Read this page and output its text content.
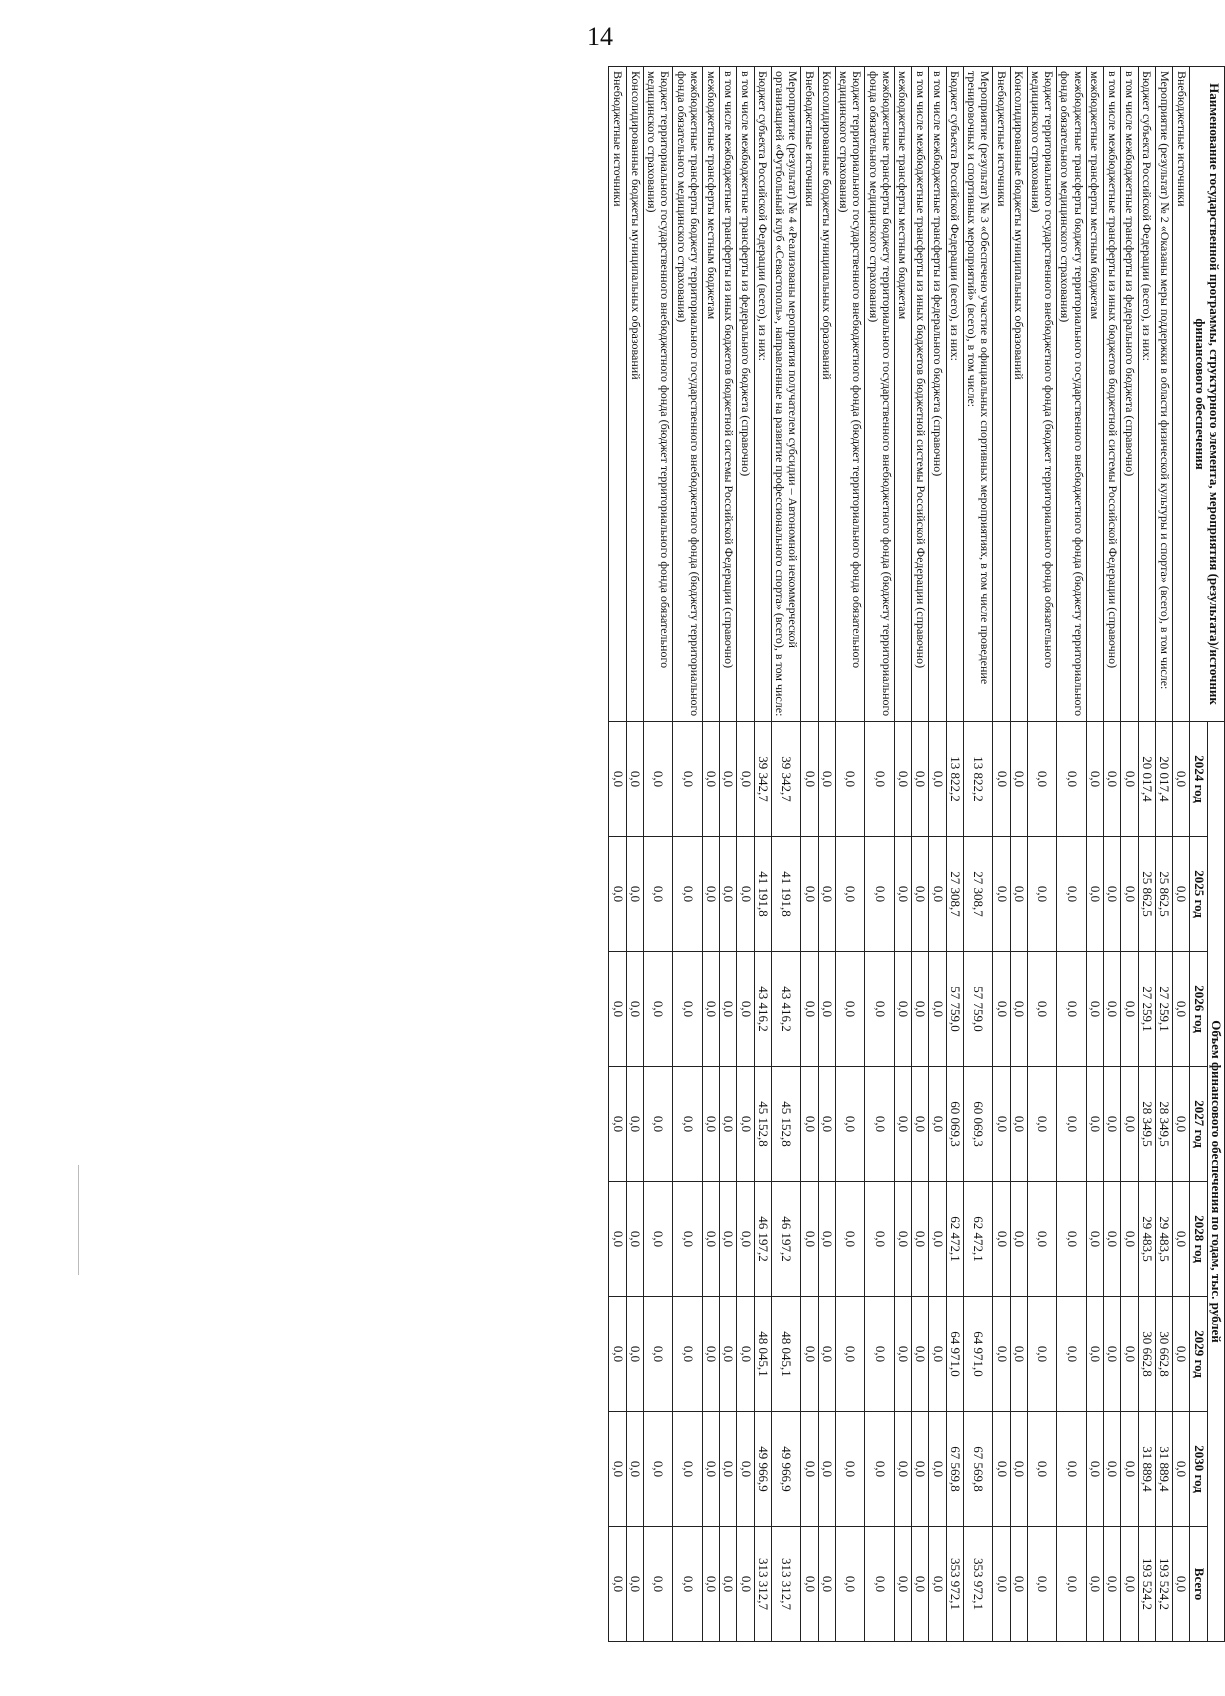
14
Наименование государственной программы, структурного элемента, мероприятия (результата)/источник финансового обеспечения	Объем финансового обеспечения по годам, тыс. рублей							
	2024 год	2025 год	2026 год	2027 год	2028 год	2029 год	2030 год	Всего
Внебюджетные источники	0,0	0,0	0,0	0,0	0,0	0,0	0,0	0,0
Мероприятие (результат) № 2 «Оказаны меры поддержки в области физической культуры и спорта» (всего), в том числе:	20 017,4	25 862,5	27 259,1	28 349,5	29 483,5	30 662,8	31 889,4	193 524,2
Бюджет субъекта Российской Федерации (всего), из них:	20 017,4	25 862,5	27 259,1	28 349,5	29 483,5	30 662,8	31 889,4	193 524,2
в том числе межбюджетные трансферты из федерального бюджета (справочно)	0,0	0,0	0,0	0,0	0,0	0,0	0,0	0,0
в том числе межбюджетные трансферты из иных бюджетов бюджетной системы Российской Федерации (справочно)	0,0	0,0	0,0	0,0	0,0	0,0	0,0	0,0
межбюджетные трансферты местным бюджетам	0,0	0,0	0,0	0,0	0,0	0,0	0,0	0,0
межбюджетные трансферты бюджету территориального государственного внебюджетного фонда (бюджету территориального фонда обязательного медицинского страхования)	0,0	0,0	0,0	0,0	0,0	0,0	0,0	0,0
Бюджет территориального государственного внебюджетного фонда (бюджет территориального фонда обязательного медицинского страхования)	0,0	0,0	0,0	0,0	0,0	0,0	0,0	0,0
Консолидированные бюджеты муниципальных образований	0,0	0,0	0,0	0,0	0,0	0,0	0,0	0,0
Внебюджетные источники	0,0	0,0	0,0	0,0	0,0	0,0	0,0	0,0
Мероприятие (результат) № 3 «Обеспечено участие в официальных спортивных мероприятиях, в том числе проведение тренировочных и спортивных мероприятий» (всего), в том числе:	13 822,2	27 308,7	57 759,0	60 069,3	62 472,1	64 971,0	67 569,8	353 972,1
Бюджет субъекта Российской Федерации (всего), из них:	13 822,2	27 308,7	57 759,0	60 069,3	62 472,1	64 971,0	67 569,8	353 972,1
в том числе межбюджетные трансферты из федерального бюджета (справочно)	0,0	0,0	0,0	0,0	0,0	0,0	0,0	0,0
в том числе межбюджетные трансферты из иных бюджетов бюджетной системы Российской Федерации (справочно)	0,0	0,0	0,0	0,0	0,0	0,0	0,0	0,0
межбюджетные трансферты местным бюджетам	0,0	0,0	0,0	0,0	0,0	0,0	0,0	0,0
межбюджетные трансферты бюджету территориального государственного внебюджетного фонда (бюджету территориального фонда обязательного медицинского страхования)	0,0	0,0	0,0	0,0	0,0	0,0	0,0	0,0
Бюджет территориального государственного внебюджетного фонда (бюджет территориального фонда обязательного медицинского страхования)	0,0	0,0	0,0	0,0	0,0	0,0	0,0	0,0
Консолидированные бюджеты муниципальных образований	0,0	0,0	0,0	0,0	0,0	0,0	0,0	0,0
Внебюджетные источники	0,0	0,0	0,0	0,0	0,0	0,0	0,0	0,0
Мероприятие (результат) № 4 «Реализованы мероприятия получателем субсидии – Автономной некоммерческой организацией «Футбольный клуб «Севастополь», направленные на развитие профессионального спорта» (всего), в том числе:	39 342,7	41 191,8	43 416,2	45 152,8	46 197,2	48 045,1	49 966,9	313 312,7
Бюджет субъекта Российской Федерации (всего), из них:	39 342,7	41 191,8	43 416,2	45 152,8	46 197,2	48 045,1	49 966,9	313 312,7
в том числе межбюджетные трансферты из федерального бюджета (справочно)	0,0	0,0	0,0	0,0	0,0	0,0	0,0	0,0
в том числе межбюджетные трансферты из иных бюджетов бюджетной системы Российской Федерации (справочно)	0,0	0,0	0,0	0,0	0,0	0,0	0,0	0,0
межбюджетные трансферты местным бюджетам	0,0	0,0	0,0	0,0	0,0	0,0	0,0	0,0
межбюджетные трансферты бюджету территориального государственного внебюджетного фонда (бюджету территориального фонда обязательного медицинского страхования)	0,0	0,0	0,0	0,0	0,0	0,0	0,0	0,0
Бюджет территориального государственного внебюджетного фонда (бюджет территориального фонда обязательного медицинского страхования)	0,0	0,0	0,0	0,0	0,0	0,0	0,0	0,0
Консолидированные бюджеты муниципальных образований	0,0	0,0	0,0	0,0	0,0	0,0	0,0	0,0
Внебюджетные источники	0,0	0,0	0,0	0,0	0,0	0,0	0,0	0,0
